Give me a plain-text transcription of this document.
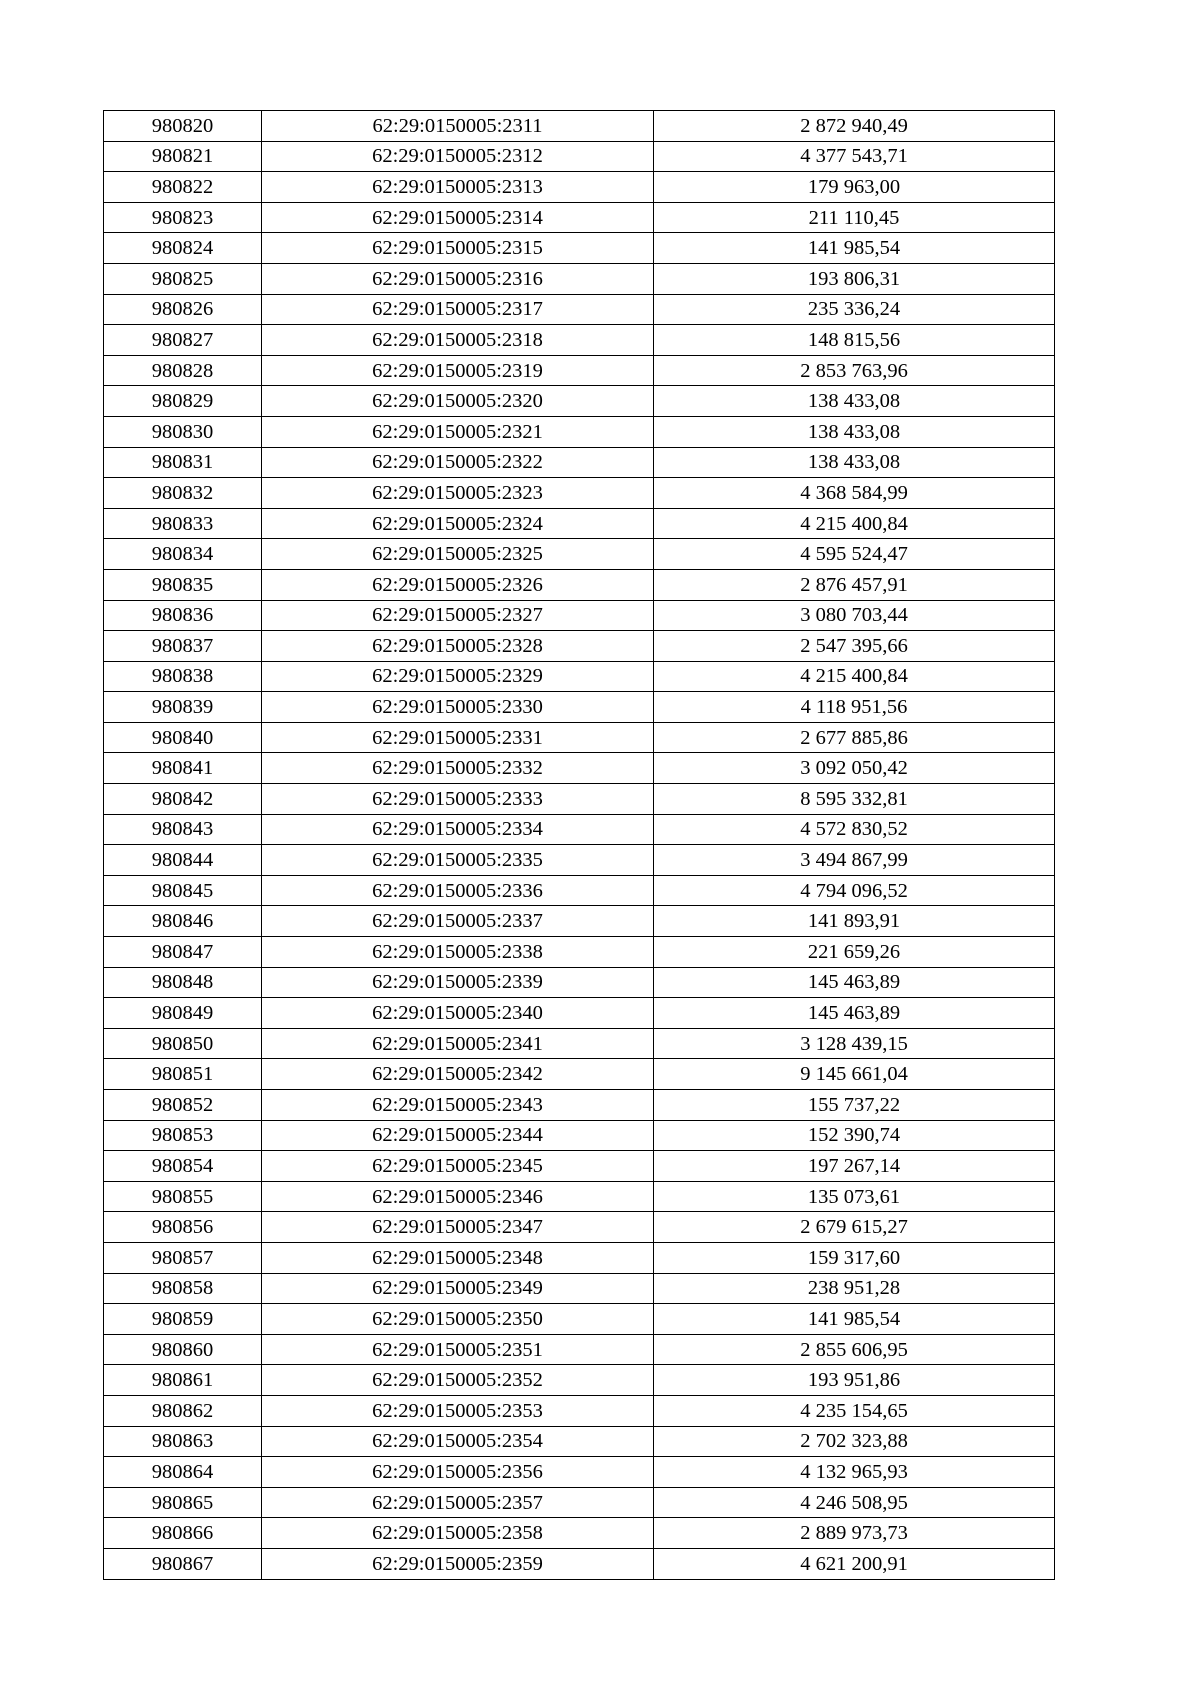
980820	62:29:0150005:2311	2 872 940,49
980821	62:29:0150005:2312	4 377 543,71
980822	62:29:0150005:2313	179 963,00
980823	62:29:0150005:2314	211 110,45
980824	62:29:0150005:2315	141 985,54
980825	62:29:0150005:2316	193 806,31
980826	62:29:0150005:2317	235 336,24
980827	62:29:0150005:2318	148 815,56
980828	62:29:0150005:2319	2 853 763,96
980829	62:29:0150005:2320	138 433,08
980830	62:29:0150005:2321	138 433,08
980831	62:29:0150005:2322	138 433,08
980832	62:29:0150005:2323	4 368 584,99
980833	62:29:0150005:2324	4 215 400,84
980834	62:29:0150005:2325	4 595 524,47
980835	62:29:0150005:2326	2 876 457,91
980836	62:29:0150005:2327	3 080 703,44
980837	62:29:0150005:2328	2 547 395,66
980838	62:29:0150005:2329	4 215 400,84
980839	62:29:0150005:2330	4 118 951,56
980840	62:29:0150005:2331	2 677 885,86
980841	62:29:0150005:2332	3 092 050,42
980842	62:29:0150005:2333	8 595 332,81
980843	62:29:0150005:2334	4 572 830,52
980844	62:29:0150005:2335	3 494 867,99
980845	62:29:0150005:2336	4 794 096,52
980846	62:29:0150005:2337	141 893,91
980847	62:29:0150005:2338	221 659,26
980848	62:29:0150005:2339	145 463,89
980849	62:29:0150005:2340	145 463,89
980850	62:29:0150005:2341	3 128 439,15
980851	62:29:0150005:2342	9 145 661,04
980852	62:29:0150005:2343	155 737,22
980853	62:29:0150005:2344	152 390,74
980854	62:29:0150005:2345	197 267,14
980855	62:29:0150005:2346	135 073,61
980856	62:29:0150005:2347	2 679 615,27
980857	62:29:0150005:2348	159 317,60
980858	62:29:0150005:2349	238 951,28
980859	62:29:0150005:2350	141 985,54
980860	62:29:0150005:2351	2 855 606,95
980861	62:29:0150005:2352	193 951,86
980862	62:29:0150005:2353	4 235 154,65
980863	62:29:0150005:2354	2 702 323,88
980864	62:29:0150005:2356	4 132 965,93
980865	62:29:0150005:2357	4 246 508,95
980866	62:29:0150005:2358	2 889 973,73
980867	62:29:0150005:2359	4 621 200,91
